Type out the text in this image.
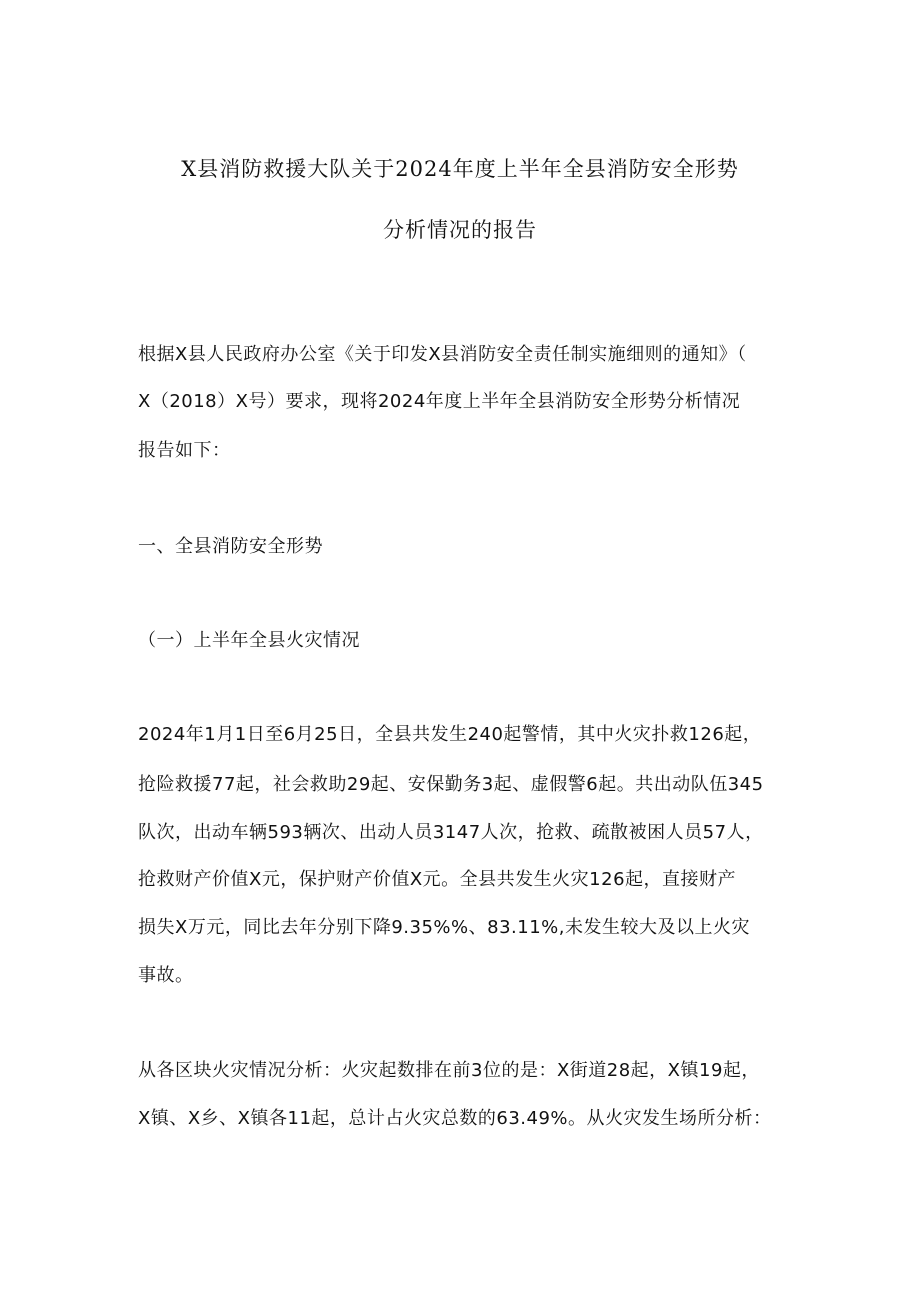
X县消防救援大队关于2024年度上半年全县消防安全形势
分析情况的报告
根据X县人民政府办公室《关于印发X县消防安全责任制实施细则的通知》（
X（2018）X号）要求，现将2024年度上半年全县消防安全形势分析情况
报告如下：
一、全县消防安全形势
（一）上半年全县火灾情况
2024年1月1日至6月25日，全县共发生240起警情，其中火灾扑救126起，
抢险救援77起，社会救助29起、安保勤务3起、虚假警6起。共出动队伍345
队次，出动车辆593辆次、出动人员3147人次，抢救、疏散被困人员57人，
抢救财产价值X元，保护财产价值X元。全县共发生火灾126起，直接财产
损失X万元，同比去年分别下降9.35%%、83.11%,未发生较大及以上火灾
事故。
从各区块火灾情况分析：火灾起数排在前3位的是：X街道28起，X镇19起，
X镇、X乡、X镇各11起，总计占火灾总数的63.49%。从火灾发生场所分析：
